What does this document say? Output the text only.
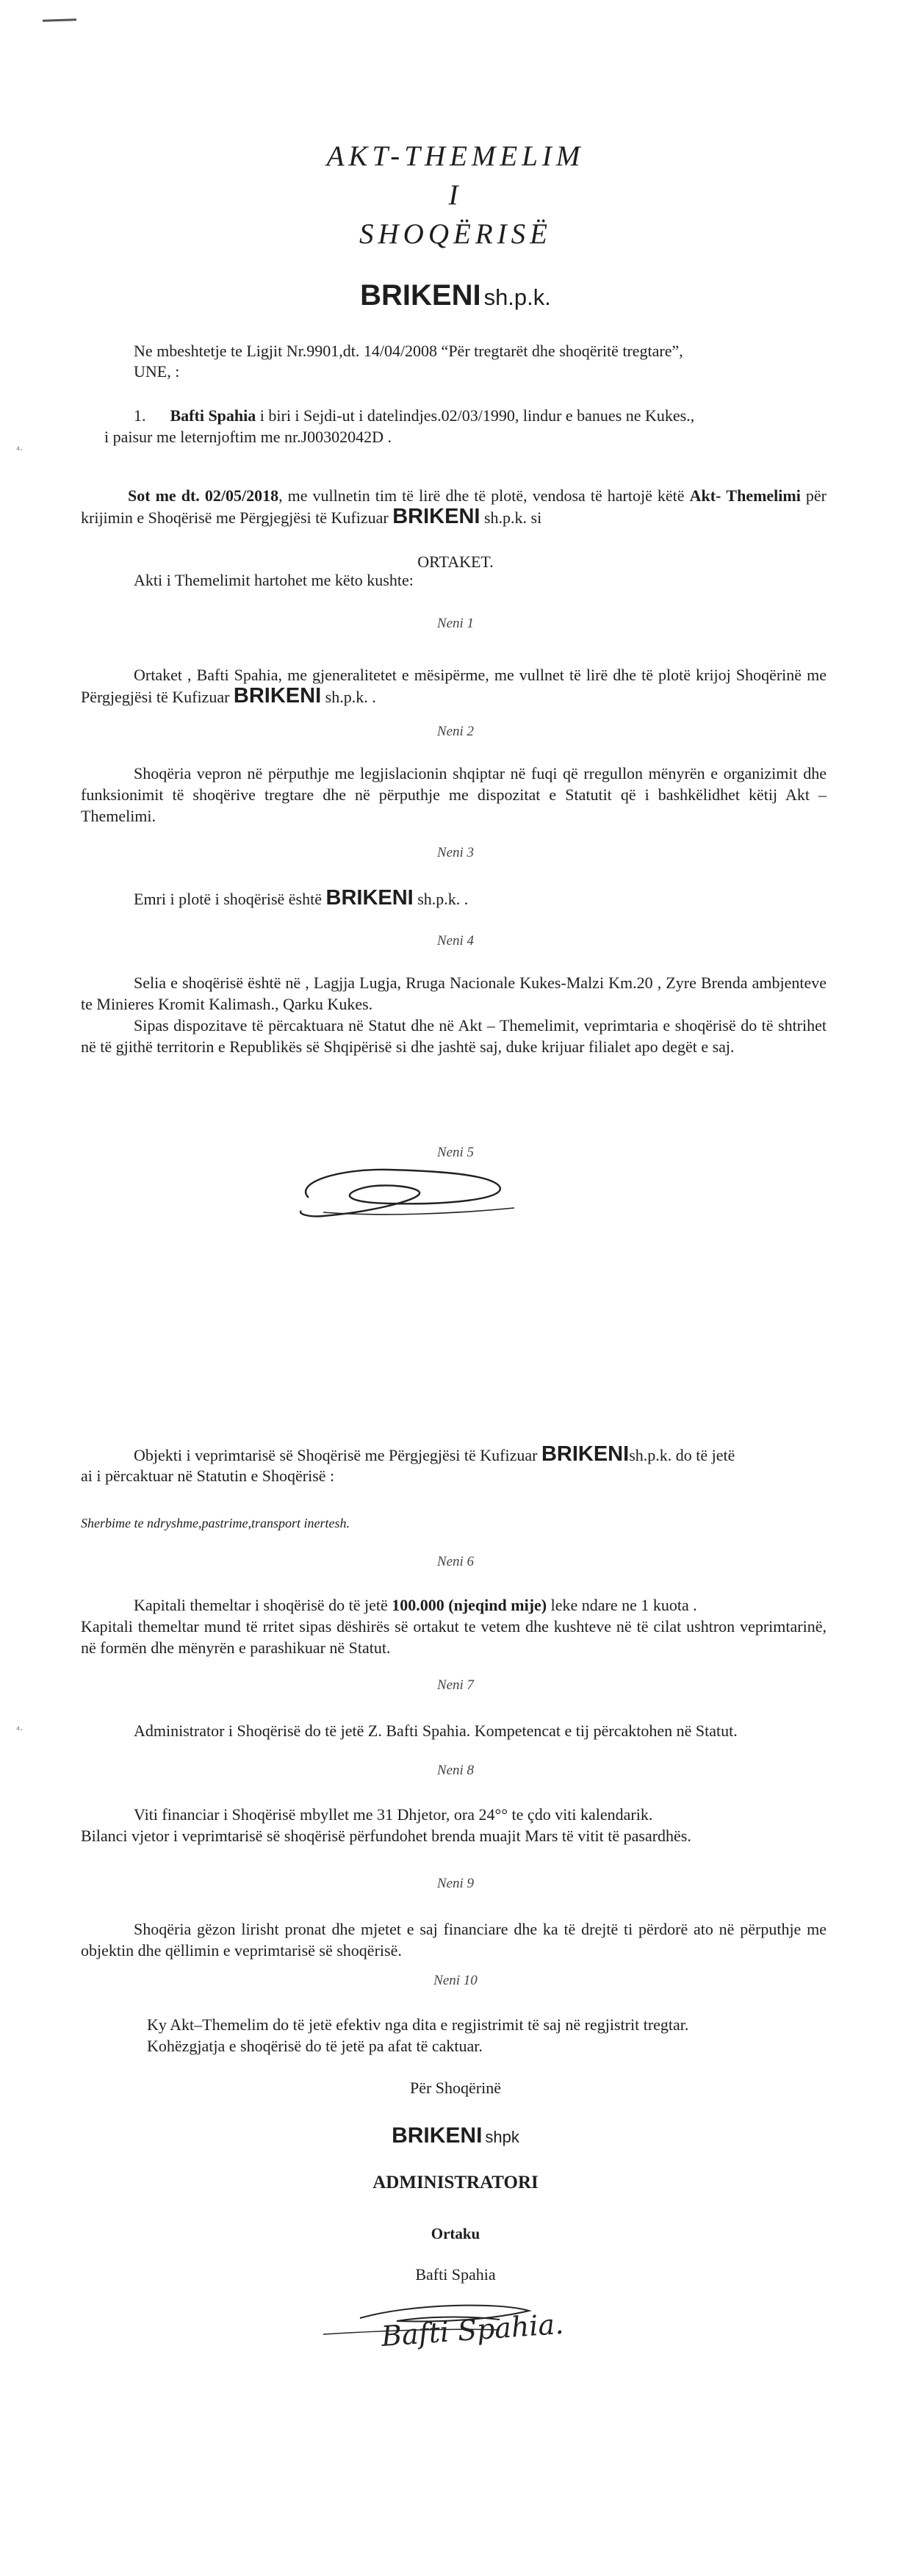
AKT-THEMELIM
I
SHOQËRISË
BRIKENI sh.p.k.
Ne mbeshtetje te Ligjit Nr.9901,dt. 14/04/2008 “Për tregtarët dhe shoqëritë tregtare”,
UNE, :
1. Bafti Spahia i biri i Sejdi-ut i datelindjes.02/03/1990, lindur e banues ne Kukes.,
i paisur me leternjoftim me nr.J00302042D .
⁴·
Sot me dt. 02/05/2018, me vullnetin tim të lirë dhe të plotë, vendosa të hartojë këtë Akt- Themelimi për krijimin e Shoqërisë me Përgjegjësi të Kufizuar BRIKENI sh.p.k. si
ORTAKET.
Akti i Themelimit hartohet me këto kushte:
Neni 1
Ortaket , Bafti Spahia, me gjeneralitetet e mësipërme, me vullnet të lirë dhe të plotë krijoj Shoqërinë me Përgjegjësi të Kufizuar BRIKENI sh.p.k. .
Neni 2
Shoqëria vepron në përputhje me legjislacionin shqiptar në fuqi që rregullon mënyrën e organizimit dhe funksionimit të shoqërive tregtare dhe në përputhje me dispozitat e Statutit që i bashkëlidhet këtij Akt – Themelimi.
Neni 3
Emri i plotë i shoqërisë është BRIKENI sh.p.k. .
Neni 4
Selia e shoqërisë është në , Lagjja Lugjа, Rruga Nacionale Kukes-Malzi Km.20 , Zyre Brenda ambjenteve te Minieres Kromit Kalimash., Qarku Kukes.
Sipas dispozitave të përcaktuara në Statut dhe në Akt – Themelimit, veprimtaria e shoqërisë do të shtrihet në të gjithë territorin e Republikës së Shqipërisë si dhe jashtë saj, duke krijuar filialet apo degët e saj.
Neni 5
Objekti i veprimtarisë së Shoqërisë me Përgjegjësi të Kufizuar BRIKENIsh.p.k. do të jetë
ai i përcaktuar në Statutin e Shoqërisë :
Sherbime te ndryshme,pastrime,transport inertesh.
Neni 6
Kapitali themeltar i shoqërisë do të jetë 100.000 (njeqind mije) leke ndare ne 1 kuota .
Kapitali themeltar mund të rritet sipas dëshirës së ortakut te vetem dhe kushteve në të cilat ushtron veprimtarinë, në formën dhe mënyrën e parashikuar në Statut.
Neni 7
Administrator i Shoqërisë do të jetë Z. Bafti Spahia. Kompetencat e tij përcaktohen në Statut.
⁴·
Neni 8
Viti financiar i Shoqërisë mbyllet me 31 Dhjetor, ora 24°° te çdo viti kalendarik.
Bilanci vjetor i veprimtarisë së shoqërisë përfundohet brenda muajit Mars të vitit të pasardhës.
Neni 9
Shoqëria gëzon lirisht pronat dhe mjetet e saj financiare dhe ka të drejtë ti përdorë ato në përputhje me objektin dhe qëllimin e veprimtarisë së shoqërisë.
Neni 10
Ky Akt–Themelim do të jetë efektiv nga dita e regjistrimit të saj në regjistrit tregtar.
Kohëzgjatja e shoqërisë do të jetë pa afat të caktuar.
Për Shoqërinë
BRIKENI shpk
ADMINISTRATORI
Ortaku
Bafti Spahia
Bafti Spahia.
